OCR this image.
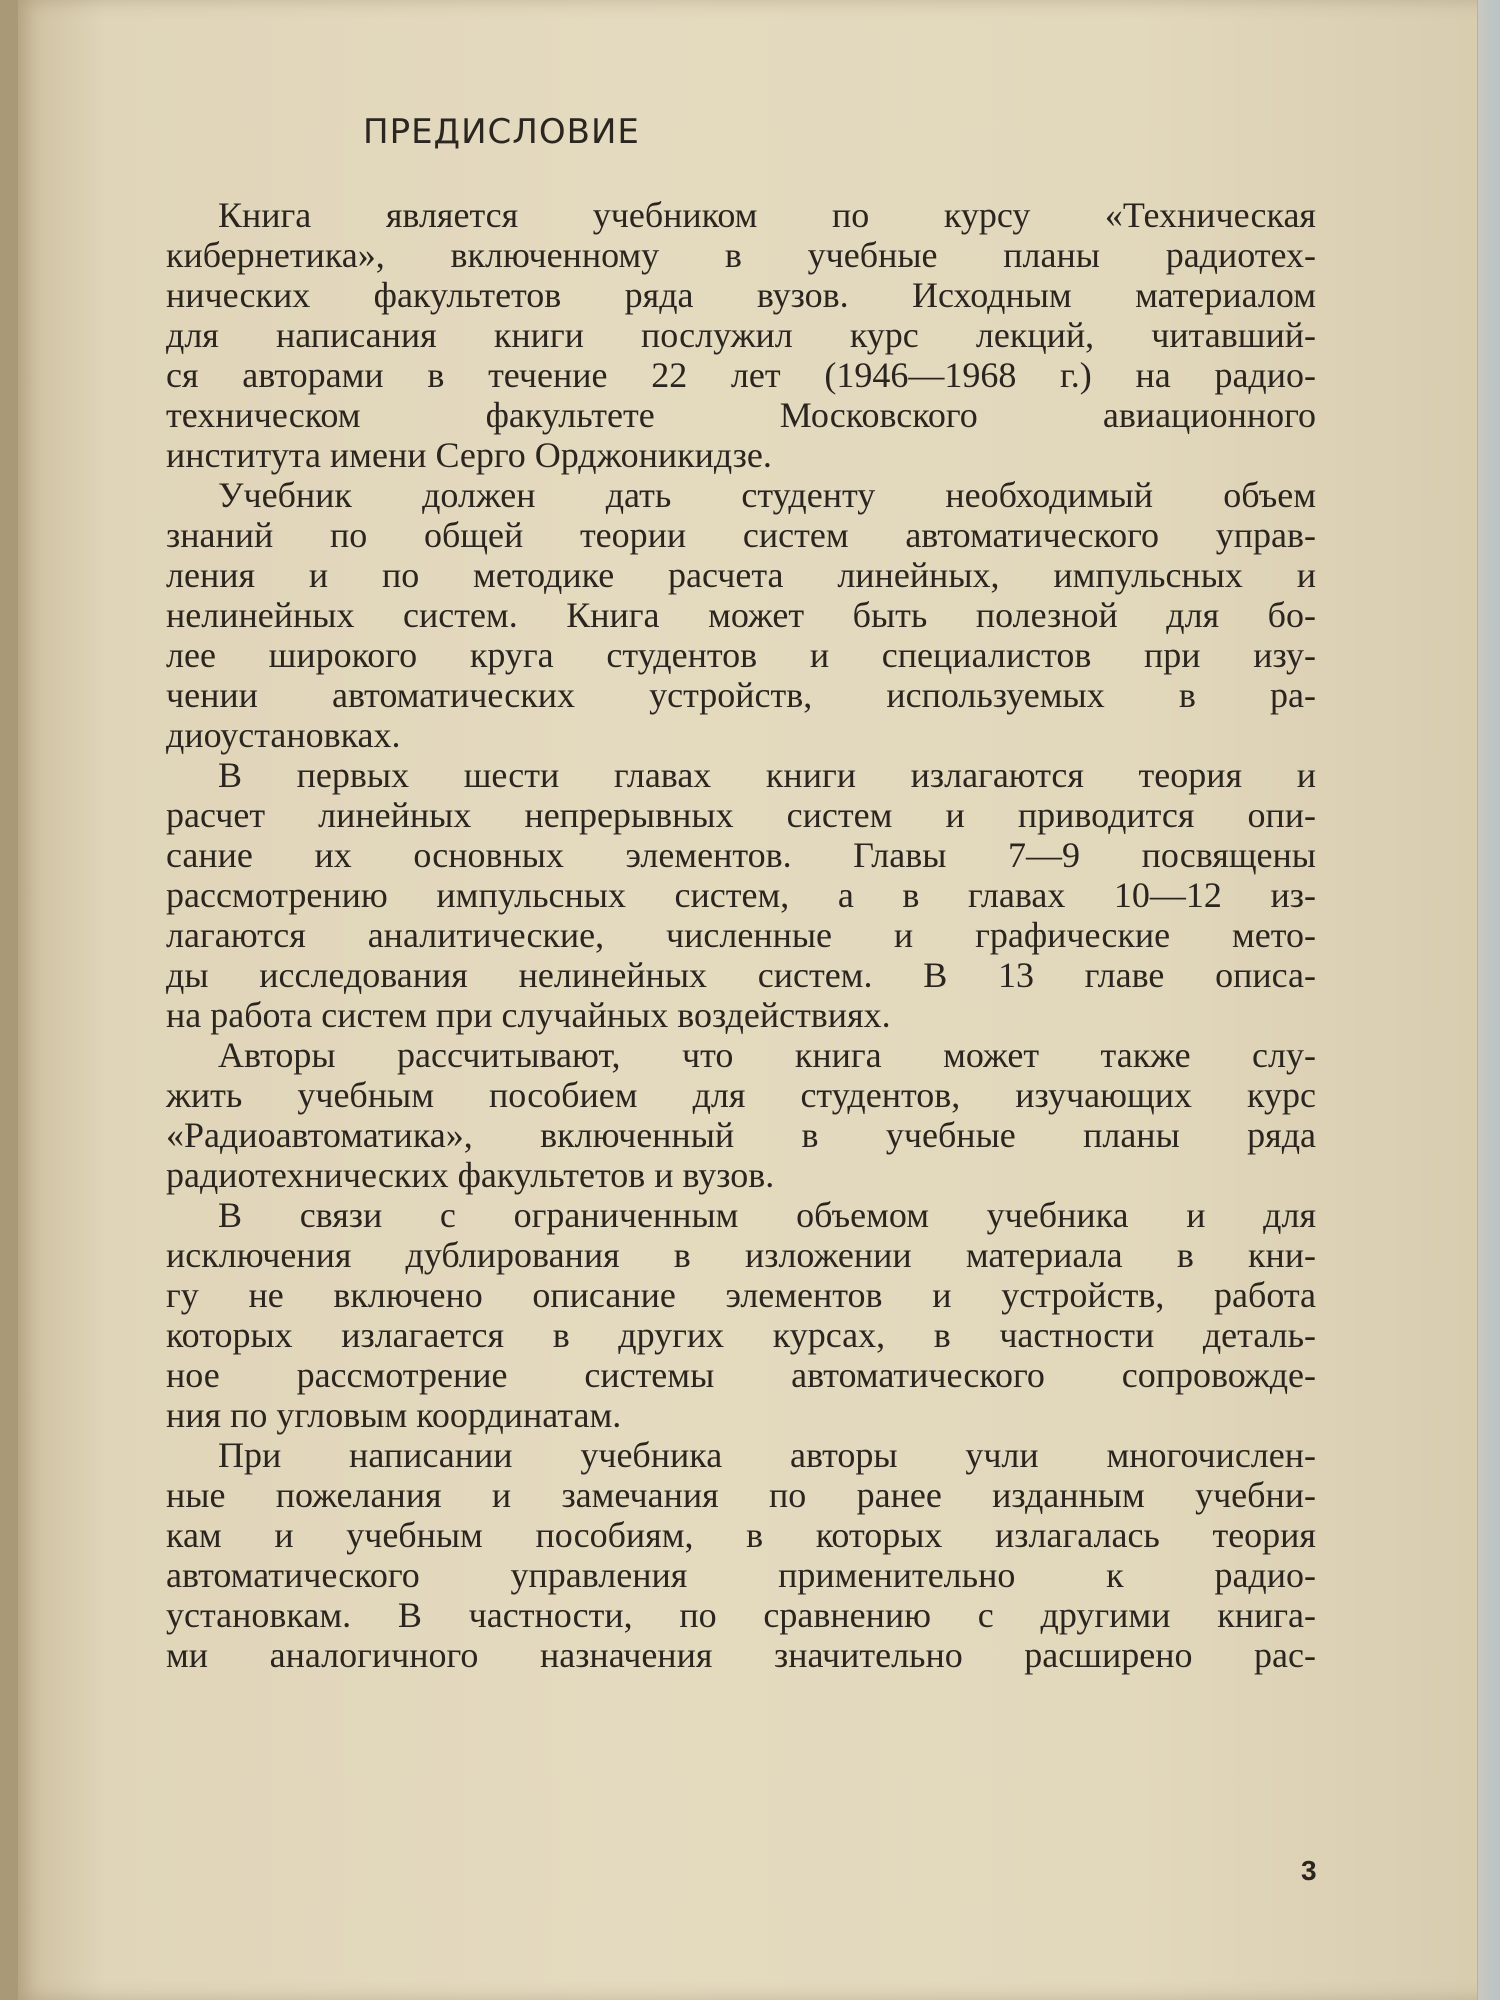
ПРЕДИСЛОВИЕ
Книга является учебником по курсу «Техническая
кибернетика», включенному в учебные планы радиотех-
нических факультетов ряда вузов. Исходным материалом
для написания книги послужил курс лекций, читавший-
ся авторами в течение 22 лет (1946—1968 г.) на радио-
техническом факультете Московского авиационного
института имени Серго Орджоникидзе.
Учебник должен дать студенту необходимый объем
знаний по общей теории систем автоматического управ-
ления и по методике расчета линейных, импульсных и
нелинейных систем. Книга может быть полезной для бо-
лее широкого круга студентов и специалистов при изу-
чении автоматических устройств, используемых в ра-
диоустановках.
В первых шести главах книги излагаются теория и
расчет линейных непрерывных систем и приводится опи-
сание их основных элементов. Главы 7—9 посвящены
рассмотрению импульсных систем, а в главах 10—12 из-
лагаются аналитические, численные и графические мето-
ды исследования нелинейных систем. В 13 главе описа-
на работа систем при случайных воздействиях.
Авторы рассчитывают, что книга может также слу-
жить учебным пособием для студентов, изучающих курс
«Радиоавтоматика», включенный в учебные планы ряда
радиотехнических факультетов и вузов.
В связи с ограниченным объемом учебника и для
исключения дублирования в изложении материала в кни-
гу не включено описание элементов и устройств, работа
которых излагается в других курсах, в частности деталь-
ное рассмотрение системы автоматического сопровожде-
ния по угловым координатам.
При написании учебника авторы учли многочислен-
ные пожелания и замечания по ранее изданным учебни-
кам и учебным пособиям, в которых излагалась теория
автоматического управления применительно к радио-
установкам. В частности, по сравнению с другими книга-
ми аналогичного назначения значительно расширено рас-
3
